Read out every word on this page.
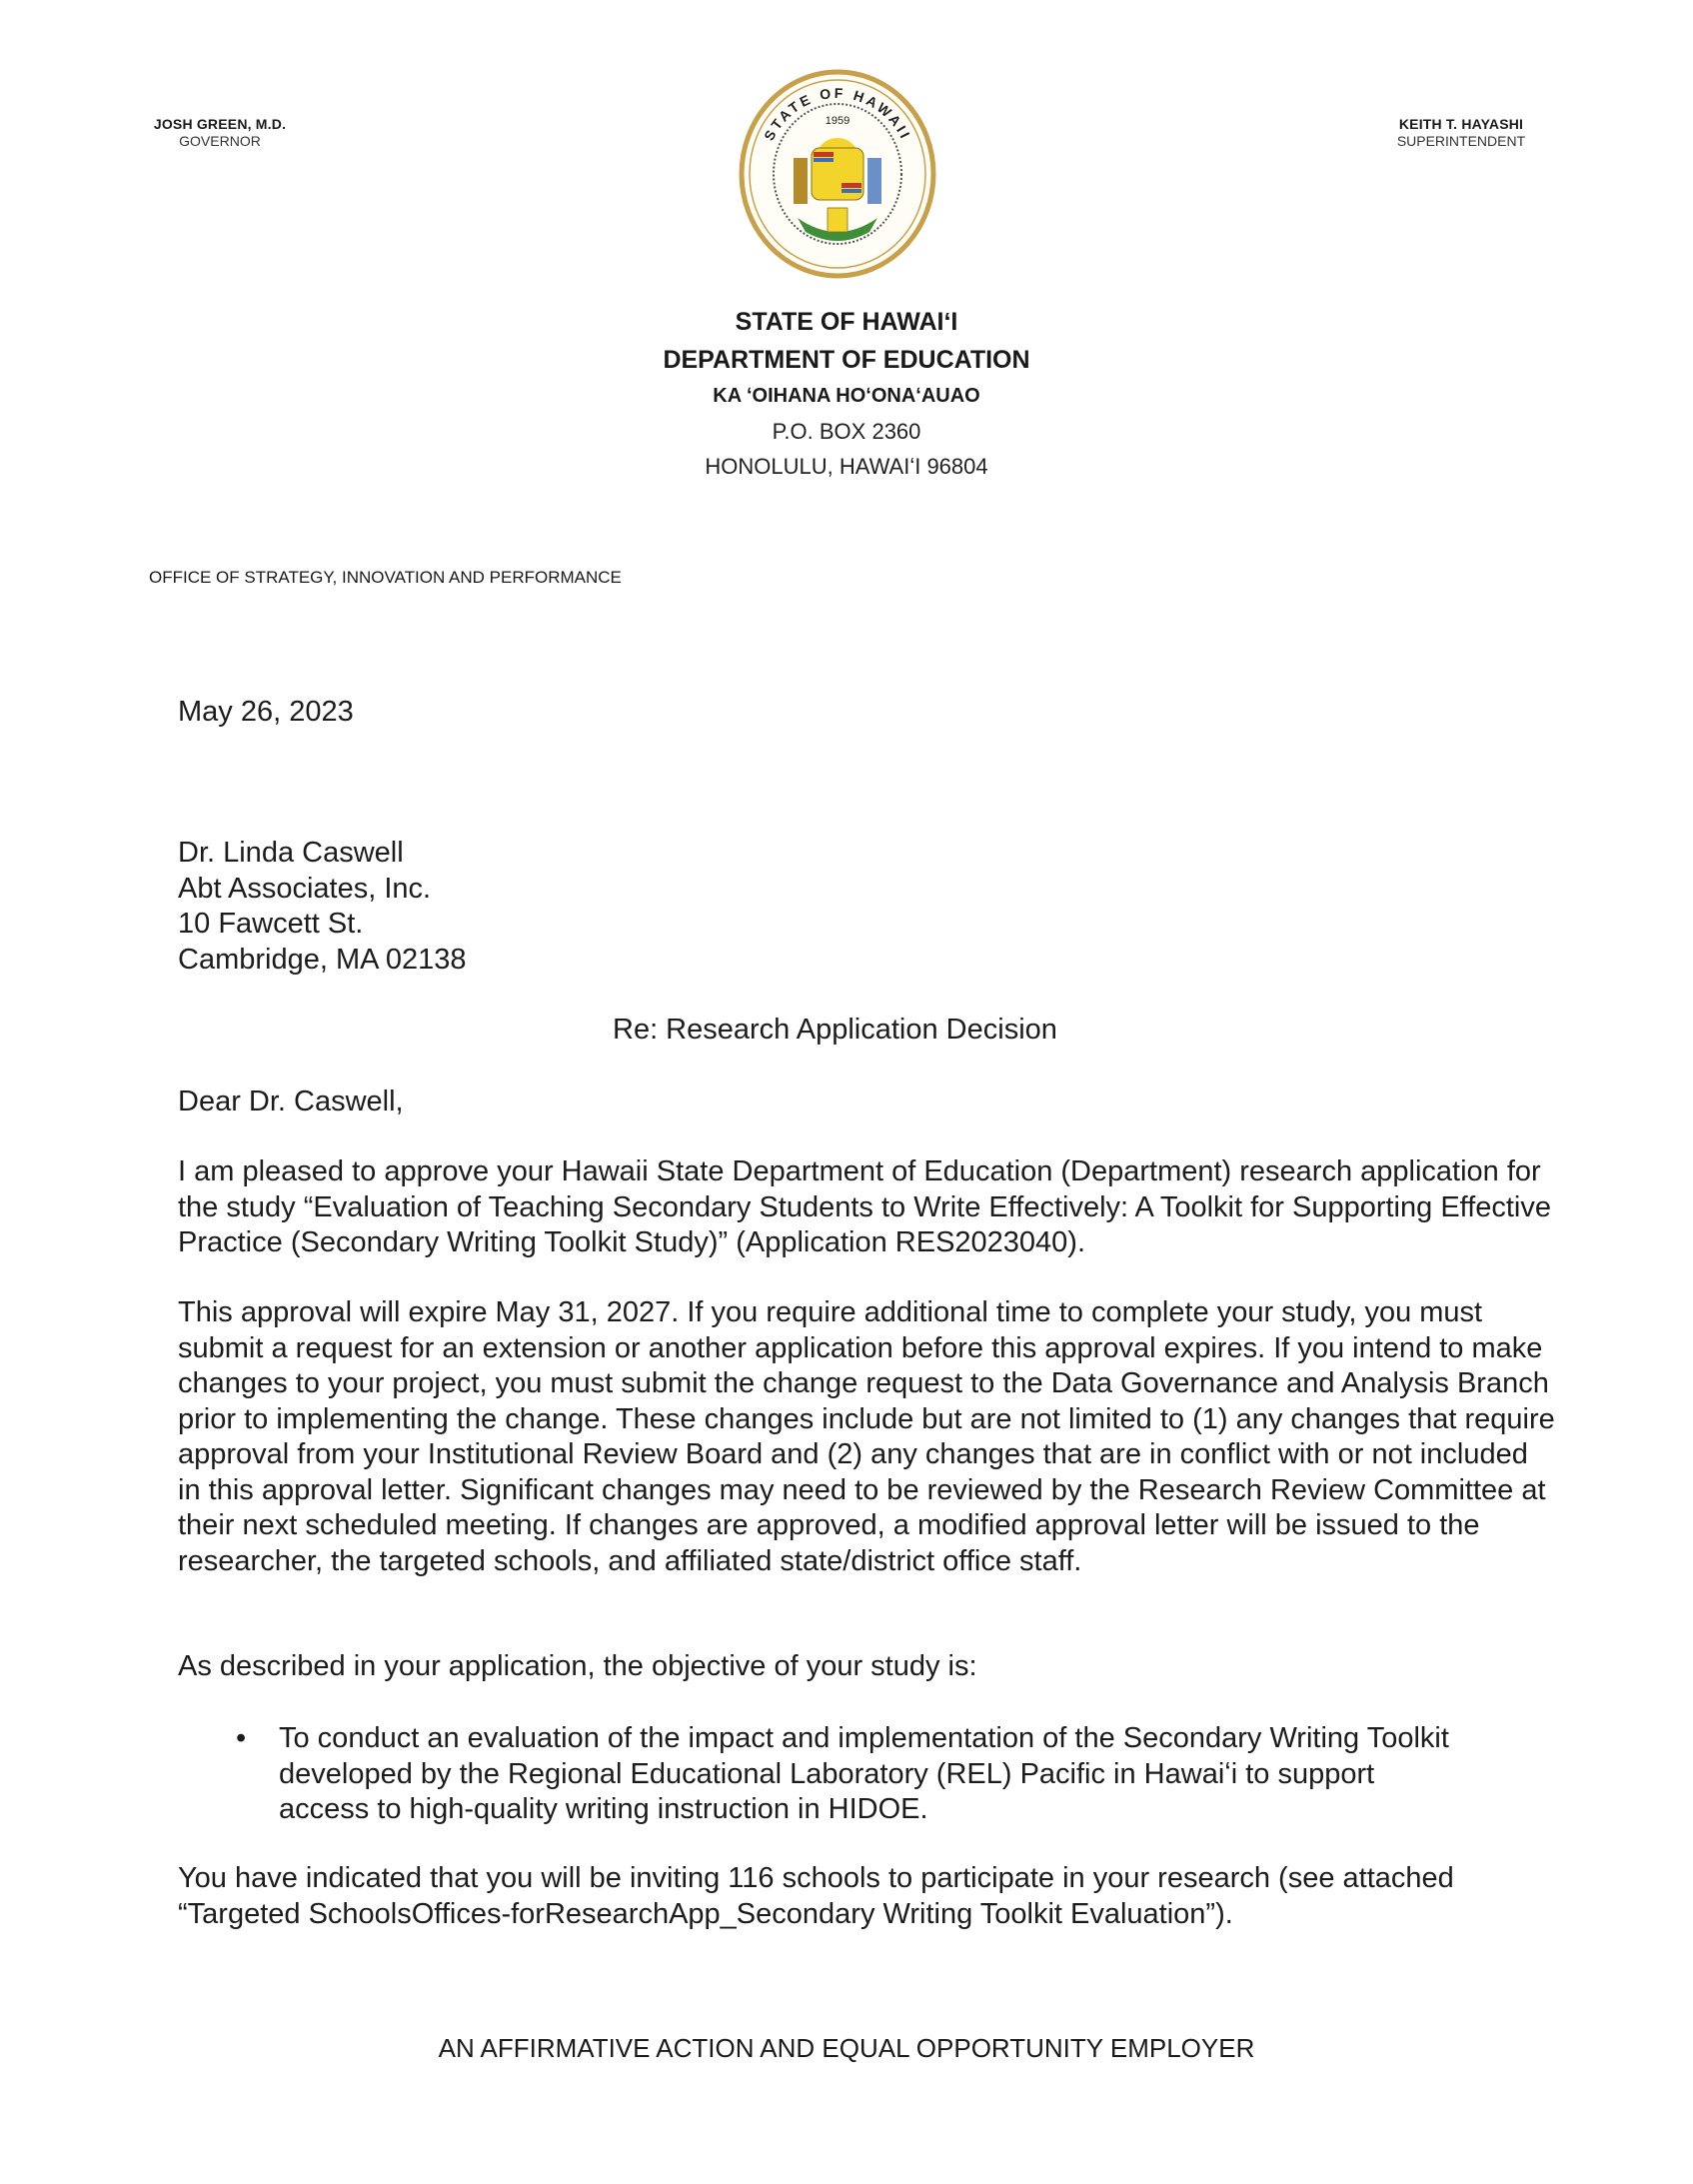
JOSH GREEN, M.D.
GOVERNOR	STATE OF HAWAII
1959	KEITH T. HAYASHI
SUPERINTENDENT
STATE OF HAWAIʻI
DEPARTMENT OF EDUCATION
KA ʻOIHANA HOʻONAʻAUAO
P.O. BOX 2360
HONOLULU, HAWAIʻI 96804
OFFICE OF STRATEGY, INNOVATION AND PERFORMANCE
May 26, 2023
Dr. Linda Caswell
Abt Associates, Inc.
10 Fawcett St.
Cambridge, MA 02138
Re: Research Application Decision
Dear Dr. Caswell,
I am pleased to approve your Hawaii State Department of Education (Department) research application for the study “Evaluation of Teaching Secondary Students to Write Effectively: A Toolkit for Supporting Effective Practice (Secondary Writing Toolkit Study)” (Application RES2023040).
This approval will expire May 31, 2027. If you require additional time to complete your study, you must submit a request for an extension or another application before this approval expires. If you intend to make changes to your project, you must submit the change request to the Data Governance and Analysis Branch prior to implementing the change. These changes include but are not limited to (1) any changes that require approval from your Institutional Review Board and (2) any changes that are in conflict with or not included in this approval letter. Significant changes may need to be reviewed by the Research Review Committee at their next scheduled meeting. If changes are approved, a modified approval letter will be issued to the researcher, the targeted schools, and affiliated state/district office staff.
As described in your application, the objective of your study is:
• To conduct an evaluation of the impact and implementation of the Secondary Writing Toolkit developed by the Regional Educational Laboratory (REL) Pacific in Hawaiʻi to support access to high-quality writing instruction in HIDOE.
You have indicated that you will be inviting 116 schools to participate in your research (see attached “Targeted SchoolsOffices-forResearchApp_Secondary Writing Toolkit Evaluation”).
AN AFFIRMATIVE ACTION AND EQUAL OPPORTUNITY EMPLOYER
